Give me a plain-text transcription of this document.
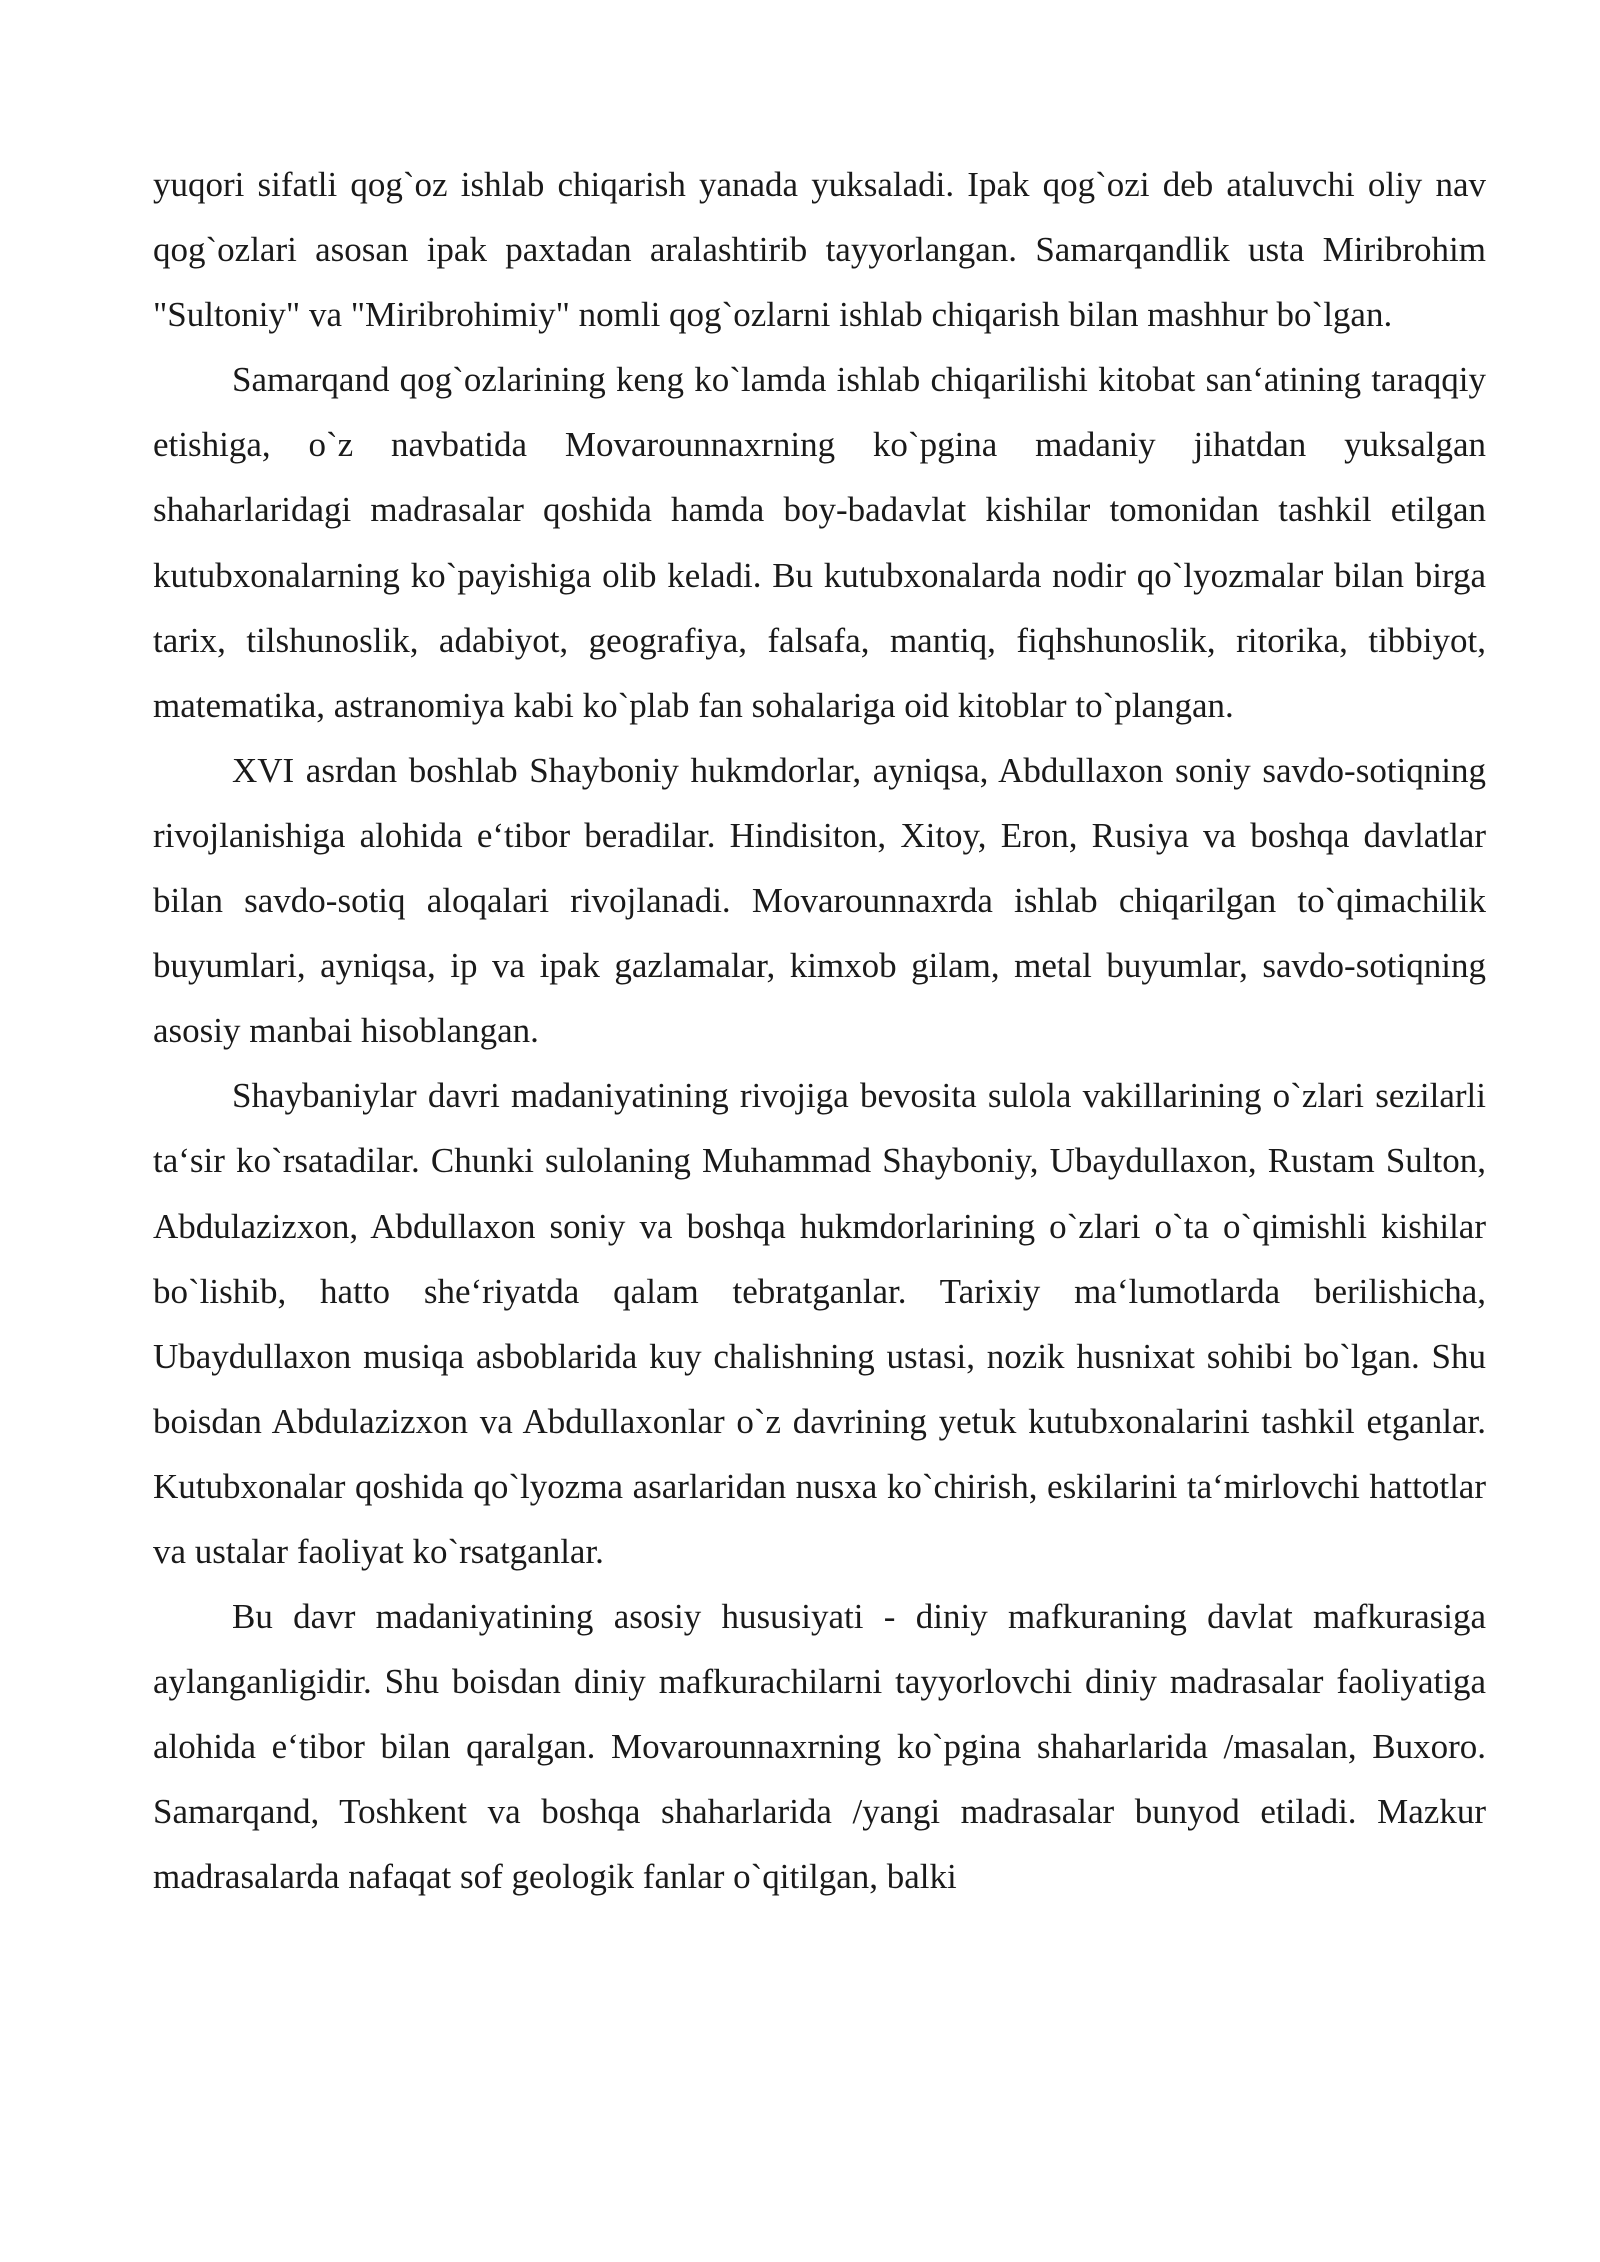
yuqori sifatli qog`oz ishlab chiqarish yanada yuksaladi. Ipak qog`ozi deb ataluvchi oliy nav qog`ozlari asosan ipak paxtadan aralashtirib tayyorlangan. Samarqandlik usta Miribrohim "Sultoniy" va "Miribrohimiy" nomli qog`ozlarni ishlab chiqarish bilan mashhur bo`lgan.

Samarqand qog`ozlarining keng ko`lamda ishlab chiqarilishi kitobat san‘atining taraqqiy etishiga, o`z navbatida Movarounnaxrning ko`pgina madaniy jihatdan yuksalgan shaharlaridagi madrasalar qoshida hamda boy-badavlat kishilar tomonidan tashkil etilgan kutubxonalarning ko`payishiga olib keladi. Bu kutubxonalarda nodir qo`lyozmalar bilan birga tarix, tilshunoslik, adabiyot, geografiya, falsafa, mantiq, fiqhshunoslik, ritorika, tibbiyot, matematika, astranomiya kabi ko`plab fan sohalariga oid kitoblar to`plangan.

XVI asrdan boshlab Shayboniy hukmdorlar, ayniqsa, Abdullaxon soniy savdo-sotiqning rivojlanishiga alohida e‘tibor beradilar. Hindisiton, Xitoy, Eron, Rusiya va boshqa davlatlar bilan savdo-sotiq aloqalari rivojlanadi. Movarounnaxrda ishlab chiqarilgan to`qimachilik buyumlari, ayniqsa, ip va ipak gazlamalar, kimxob gilam, metal buyumlar, savdo-sotiqning asosiy manbai hisoblangan.

Shaybaniylar davri madaniyatining rivojiga bevosita sulola vakillarining o`zlari sezilarli ta‘sir ko`rsatadilar. Chunki sulolaning Muhammad Shayboniy, Ubaydullaxon, Rustam Sulton, Abdulazizxon, Abdullaxon soniy va boshqa hukmdorlarining o`zlari o`ta o`qimishli kishilar bo`lishib, hatto she‘riyatda qalam tebratganlar. Tarixiy ma‘lumotlarda berilishicha, Ubaydullaxon musiqa asboblarida kuy chalishning ustasi, nozik husnixat sohibi bo`lgan. Shu boisdan Abdulazizxon va Abdullaxonlar o`z davrining yetuk kutubxonalarini tashkil etganlar. Kutubxonalar qoshida qo`lyozma asarlaridan nusxa ko`chirish, eskilarini ta‘mirlovchi hattotlar va ustalar faoliyat ko`rsatganlar.

Bu davr madaniyatining asosiy hususiyati - diniy mafkuraning davlat mafkurasiga aylanganligidir. Shu boisdan diniy mafkurachilarni tayyorlovchi diniy madrasalar faoliyatiga alohida e‘tibor bilan qaralgan. Movarounnaxrning ko`pgina shaharlarida /masalan, Buxoro. Samarqand, Toshkent va boshqa shaharlarida /yangi madrasalar bunyod etiladi. Mazkur madrasalarda nafaqat sof geologik fanlar o`qitilgan, balki
